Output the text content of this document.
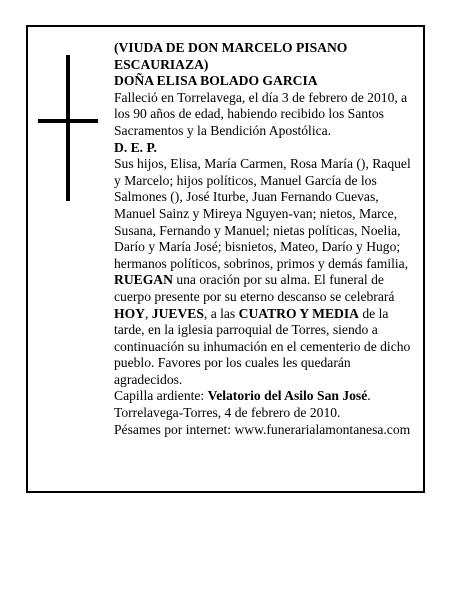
(VIUDA DE DON MARCELO PISANO ESCAURIAZA)

DOÑA ELISA BOLADO GARCIA

Falleció en Torrelavega, el día 3 de febrero de 2010, a los 90 años de edad, habiendo recibido los Santos Sacramentos y la Bendición Apostólica.

D. E. P.

Sus hijos, Elisa, María Carmen, Rosa María (), Raquel y Marcelo; hijos políticos, Manuel García de los Salmones (), José Iturbe, Juan Fernando Cuevas, Manuel Sainz y Mireya Nguyen-van; nietos, Marce, Susana, Fernando y Manuel; nietas políticas, Noelia, Darío y María José; bisnietos, Mateo, Darío y Hugo; hermanos políticos, sobrinos, primos y demás familia,
RUEGAN una oración por su alma. El funeral de cuerpo presente por su eterno descanso se celebrará HOY, JUEVES, a las CUATRO Y MEDIA de la tarde, en la iglesia parroquial de Torres, siendo a continuación su inhumación en el cementerio de dicho pueblo. Favores por los cuales les quedarán agradecidos.

Capilla ardiente: Velatorio del Asilo San José.

Torrelavega-Torres, 4 de febrero de 2010.

Pésames por internet: www.funerarialamontanesa.com
